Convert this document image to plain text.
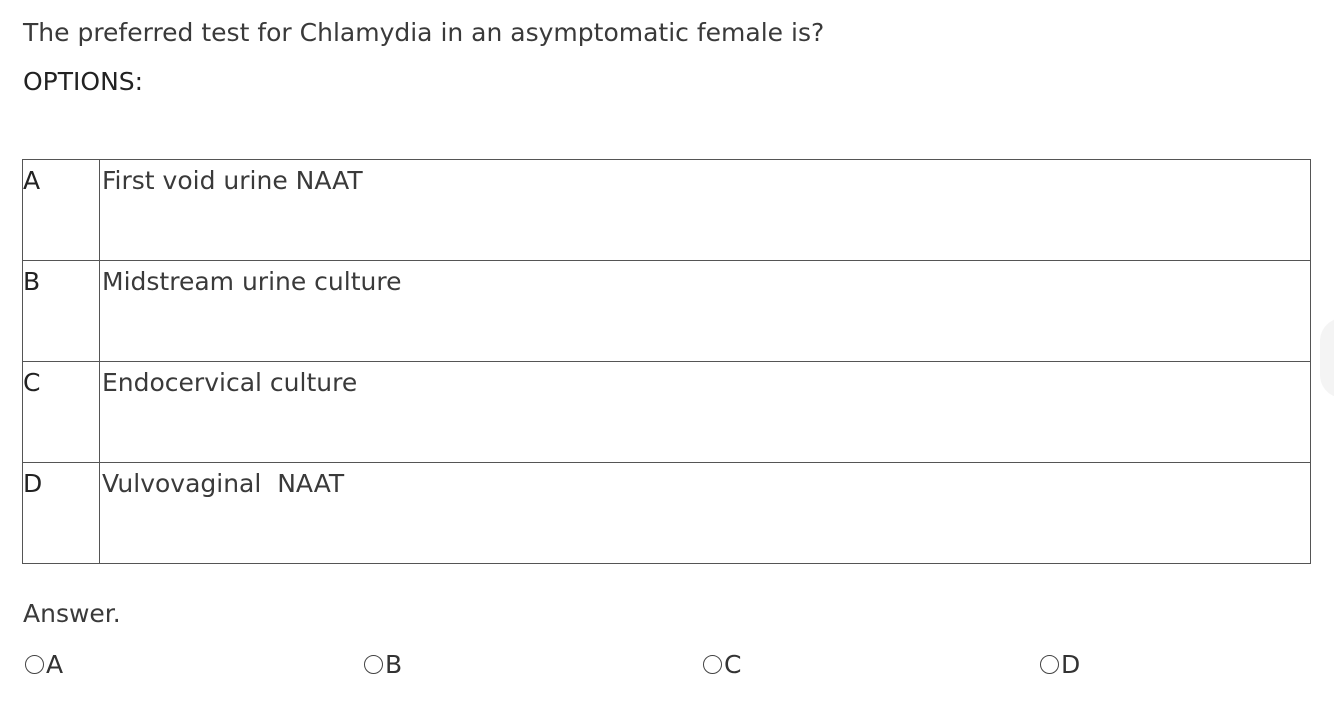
The preferred test for Chlamydia in an asymptomatic female is?
OPTIONS:
A	First void urine NAAT
B	Midstream urine culture
C	Endocervical culture
D	Vulvovaginal  NAAT
Answer.
A	B	C	D
